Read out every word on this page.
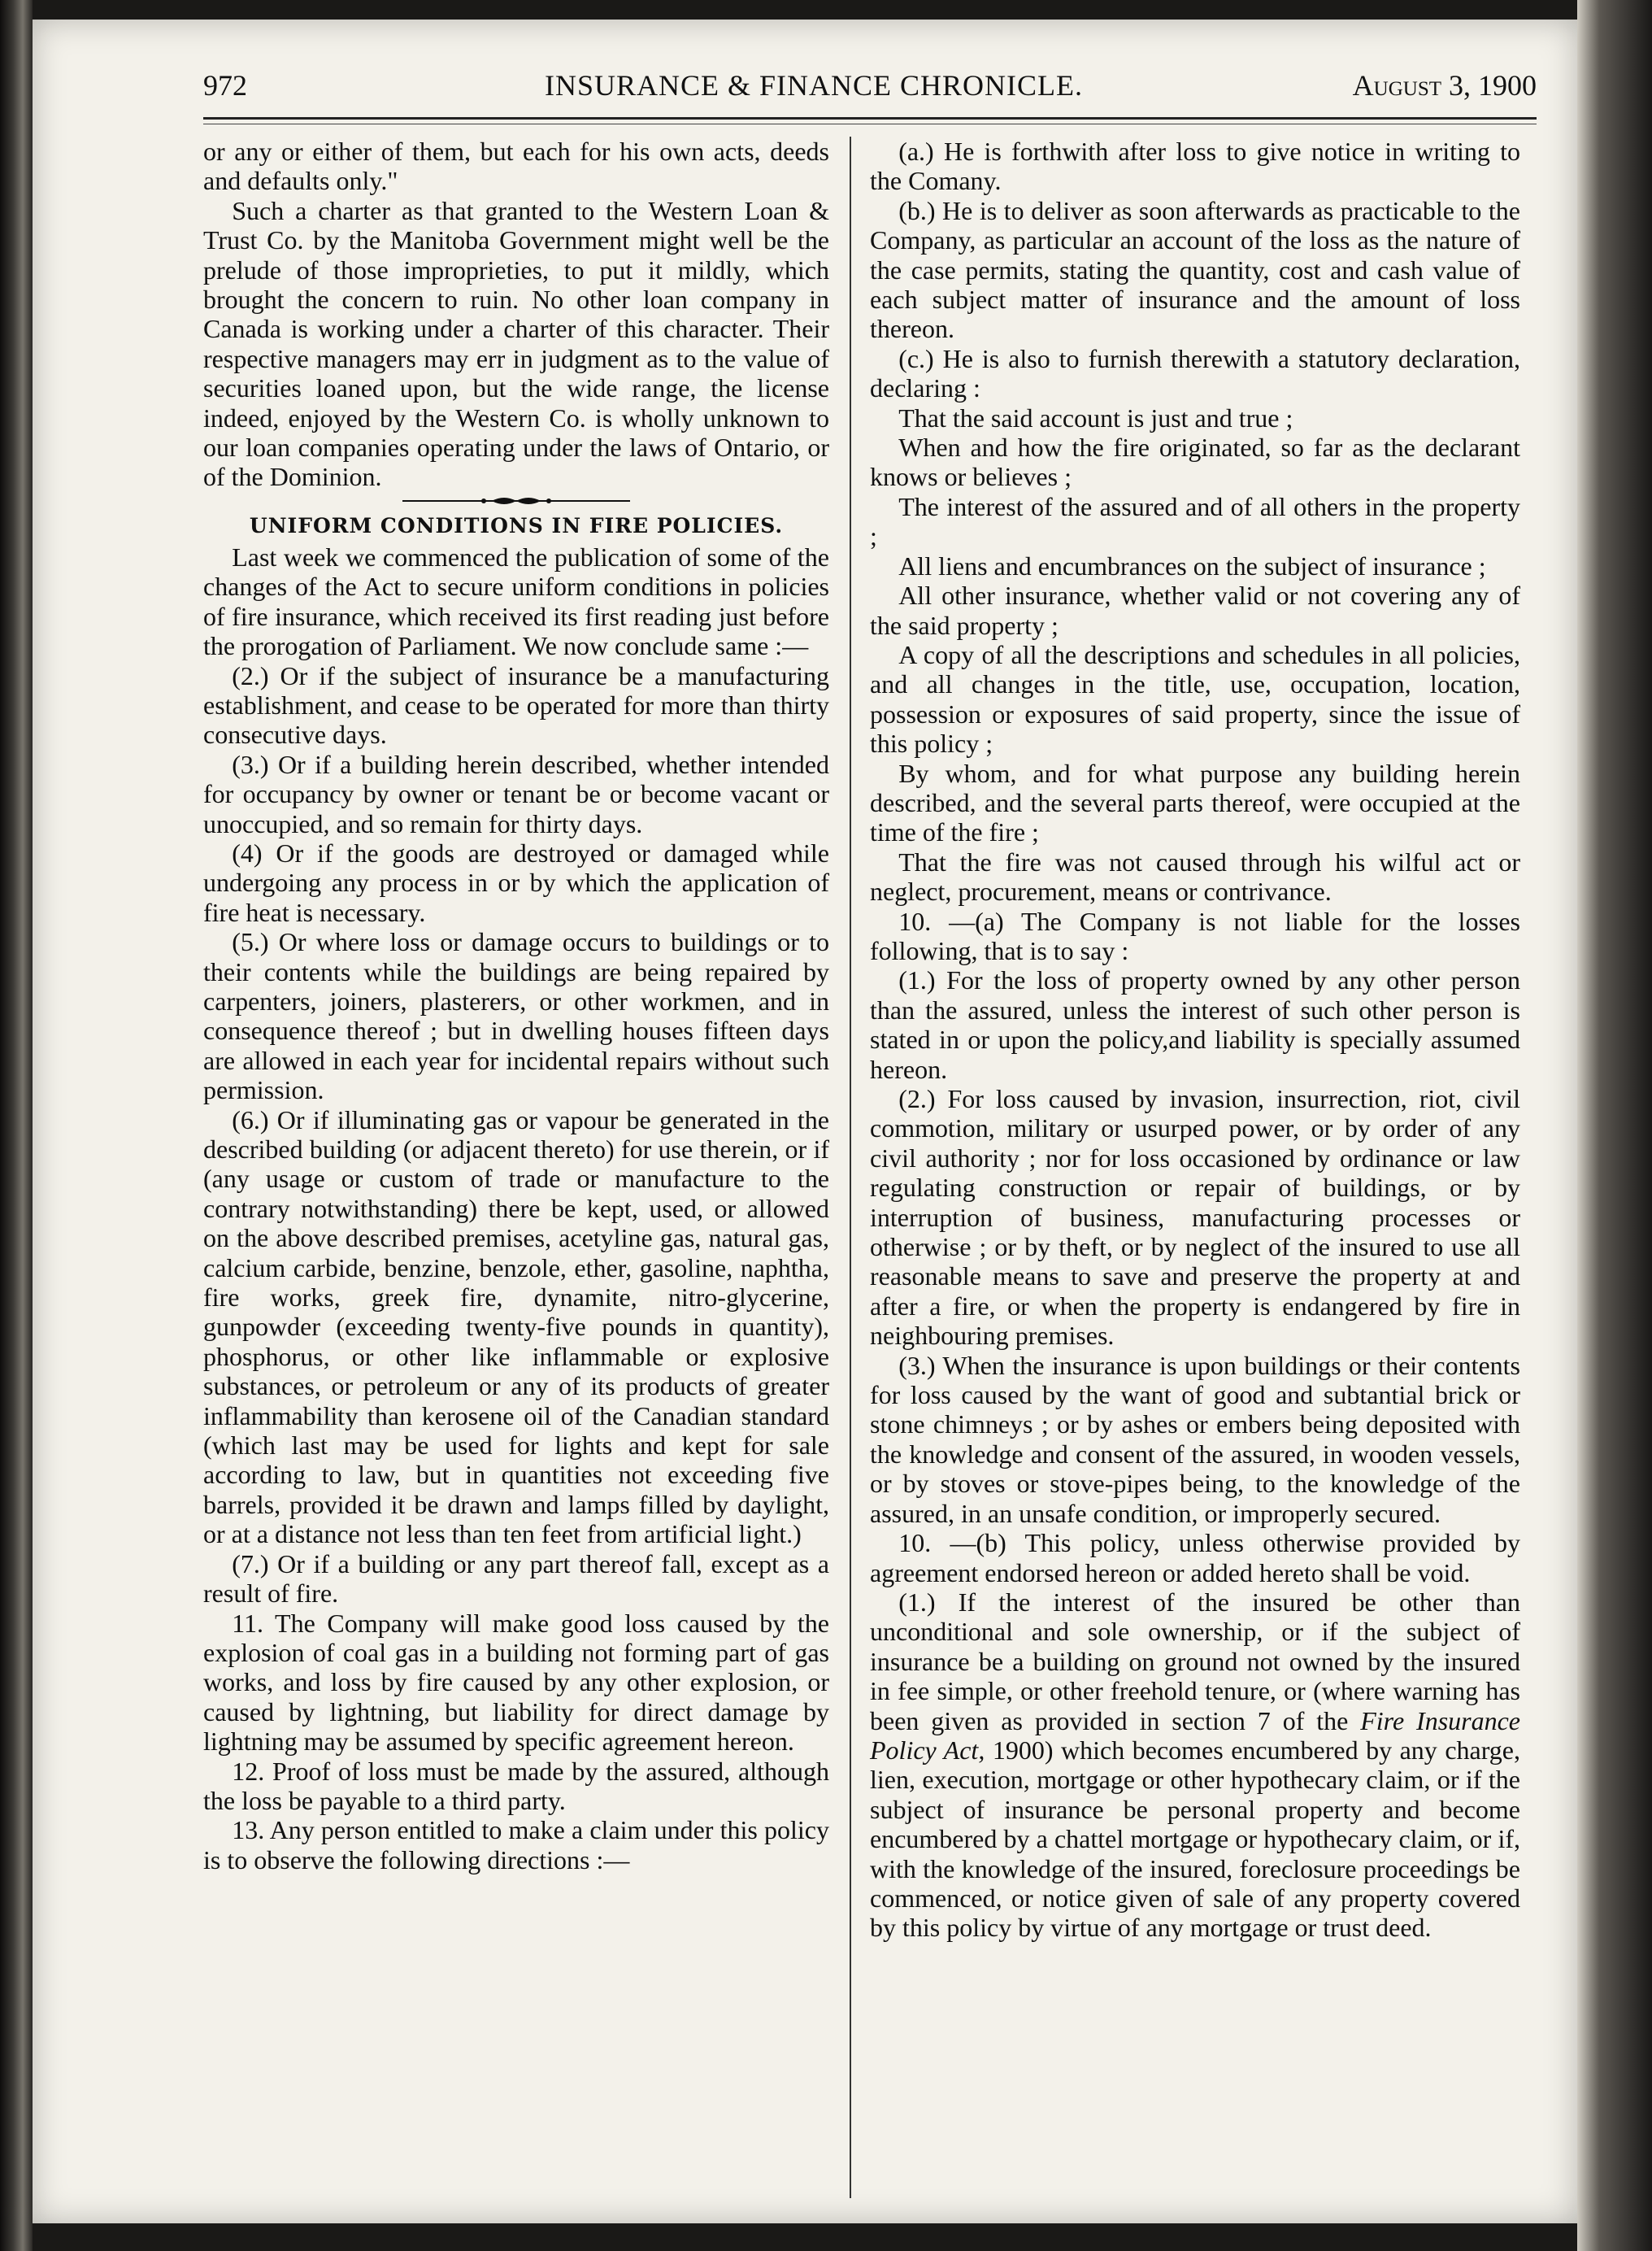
972	INSURANCE & FINANCE CHRONICLE.	August 3, 1900

or any or either of them, but each for his own acts, deeds and defaults only."

Such a charter as that granted to the Western Loan & Trust Co. by the Manitoba Government might well be the prelude of those improprieties, to put it mildly, which brought the concern to ruin. No other loan company in Canada is working under a charter of this character. Their respective managers may err in judgment as to the value of securities loaned upon, but the wide range, the license indeed, enjoyed by the Western Co. is wholly unknown to our loan companies operating under the laws of Ontario, or of the Dominion.

UNIFORM CONDITIONS IN FIRE POLICIES.

Last week we commenced the publication of some of the changes of the Act to secure uniform conditions in policies of fire insurance, which received its first reading just before the prorogation of Parliament. We now conclude same :—

(2.) Or if the subject of insurance be a manufacturing establishment, and cease to be operated for more than thirty consecutive days.

(3.) Or if a building herein described, whether intended for occupancy by owner or tenant be or become vacant or unoccupied, and so remain for thirty days.

(4) Or if the goods are destroyed or damaged while undergoing any process in or by which the application of fire heat is necessary.

(5.) Or where loss or damage occurs to buildings or to their contents while the buildings are being repaired by carpenters, joiners, plasterers, or other workmen, and in consequence thereof ; but in dwelling houses fifteen days are allowed in each year for incidental repairs without such permission.

(6.) Or if illuminating gas or vapour be generated in the described building (or adjacent thereto) for use therein, or if (any usage or custom of trade or manufacture to the contrary notwithstanding) there be kept, used, or allowed on the above described premises, acetyline gas, natural gas, calcium carbide, benzine, benzole, ether, gasoline, naphtha, fire works, greek fire, dynamite, nitro-glycerine, gunpowder (exceeding twenty-five pounds in quantity), phosphorus, or other like inflammable or explosive substances, or petroleum or any of its products of greater inflammability than kerosene oil of the Canadian standard (which last may be used for lights and kept for sale according to law, but in quantities not exceeding five barrels, provided it be drawn and lamps filled by daylight, or at a distance not less than ten feet from artificial light.)

(7.) Or if a building or any part thereof fall, except as a result of fire.

11. The Company will make good loss caused by the explosion of coal gas in a building not forming part of gas works, and loss by fire caused by any other explosion, or caused by lightning, but liability for direct damage by lightning may be assumed by specific agreement hereon.

12. Proof of loss must be made by the assured, although the loss be payable to a third party.

13. Any person entitled to make a claim under this policy is to observe the following directions :—

(a.) He is forthwith after loss to give notice in writing to the Comany.

(b.) He is to deliver as soon afterwards as practicable to the Company, as particular an account of the loss as the nature of the case permits, stating the quantity, cost and cash value of each subject matter of insurance and the amount of loss thereon.

(c.) He is also to furnish therewith a statutory declaration, declaring :

That the said account is just and true ;

When and how the fire originated, so far as the declarant knows or believes ;

The interest of the assured and of all others in the property ;

All liens and encumbrances on the subject of insurance ;

All other insurance, whether valid or not covering any of the said property ;

A copy of all the descriptions and schedules in all policies, and all changes in the title, use, occupation, location, possession or exposures of said property, since the issue of this policy ;

By whom, and for what purpose any building herein described, and the several parts thereof, were occupied at the time of the fire ;

That the fire was not caused through his wilful act or neglect, procurement, means or contrivance.

10. —(a) The Company is not liable for the losses following, that is to say :

(1.) For the loss of property owned by any other person than the assured, unless the interest of such other person is stated in or upon the policy,and liability is specially assumed hereon.

(2.) For loss caused by invasion, insurrection, riot, civil commotion, military or usurped power, or by order of any civil authority ; nor for loss occasioned by ordinance or law regulating construction or repair of buildings, or by interruption of business, manufacturing processes or otherwise ; or by theft, or by neglect of the insured to use all reasonable means to save and preserve the property at and after a fire, or when the property is endangered by fire in neighbouring premises.

(3.) When the insurance is upon buildings or their contents for loss caused by the want of good and subtantial brick or stone chimneys ; or by ashes or embers being deposited with the knowledge and consent of the assured, in wooden vessels, or by stoves or stove-pipes being, to the knowledge of the assured, in an unsafe condition, or improperly secured.

10. —(b) This policy, unless otherwise provided by agreement endorsed hereon or added hereto shall be void.

(1.) If the interest of the insured be other than unconditional and sole ownership, or if the subject of insurance be a building on ground not owned by the insured in fee simple, or other freehold tenure, or (where warning has been given as provided in section 7 of the Fire Insurance Policy Act, 1900) which becomes encumbered by any charge, lien, execution, mortgage or other hypothecary claim, or if the subject of insurance be personal property and become encumbered by a chattel mortgage or hypothecary claim, or if, with the knowledge of the insured, foreclosure proceedings be commenced, or notice given of sale of any property covered by this policy by virtue of any mortgage or trust deed.
